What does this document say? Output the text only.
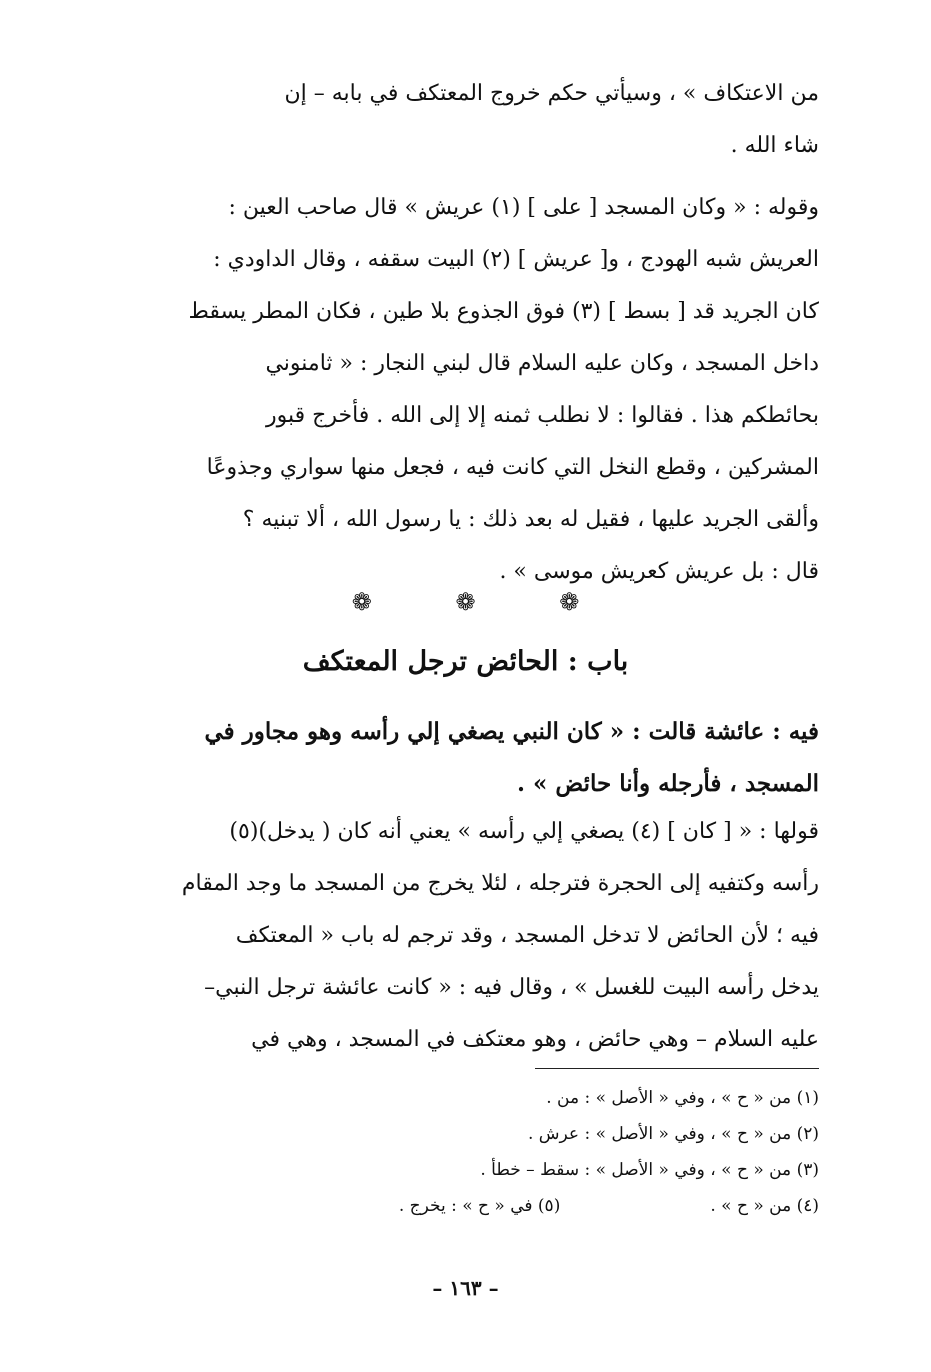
من الاعتكاف » ، وسيأتي حكم خروج المعتكف في بابه – إن
شاء الله .
وقوله : « وكان المسجد [ على ] (١) عريش » قال صاحب العين :
العريش شبه الهودج ، و[ عريش ] (٢) البيت سقفه ، وقال الداودي :
كان الجريد قد [ بسط ] (٣) فوق الجذوع بلا طين ، فكان المطر يسقط
داخل المسجد ، وكان عليه السلام قال لبني النجار : « ثامنوني
بحائطكم هذا . فقالوا : لا نطلب ثمنه إلا إلى الله . فأخرج قبور
المشركين ، وقطع النخل التي كانت فيه ، فجعل منها سواري وجذوعًا
وألقى الجريد عليها ، فقيل له بعد ذلك : يا رسول الله ، ألا تبنيه ؟
قال : بل عريش كعريش موسى » .
❁	❁	❁
باب : الحائض ترجل المعتكف
فيه : عائشة قالت : « كان النبي يصغي إلي رأسه وهو مجاور في
المسجد ، فأرجله وأنا حائض » .
قولها : « [ كان ] (٤) يصغي إلي رأسه » يعني أنه كان ( يدخل)(٥)
رأسه وكتفيه إلى الحجرة فترجله ، لئلا يخرج من المسجد ما وجد المقام
فيه ؛ لأن الحائض لا تدخل المسجد ، وقد ترجم له باب « المعتكف
يدخل رأسه البيت للغسل » ، وقال فيه : « كانت عائشة ترجل النبي–
عليه السلام – وهي حائض ، وهو معتكف في المسجد ، وهي في
(١) من « ح » ، وفي « الأصل » : من .
(٢) من « ح » ، وفي « الأصل » : عرش .
(٣) من « ح » ، وفي « الأصل » : سقط – خطأ .
(٤) من « ح » .
(٥) في « ح » : يخرج .
– ١٦٣ –
